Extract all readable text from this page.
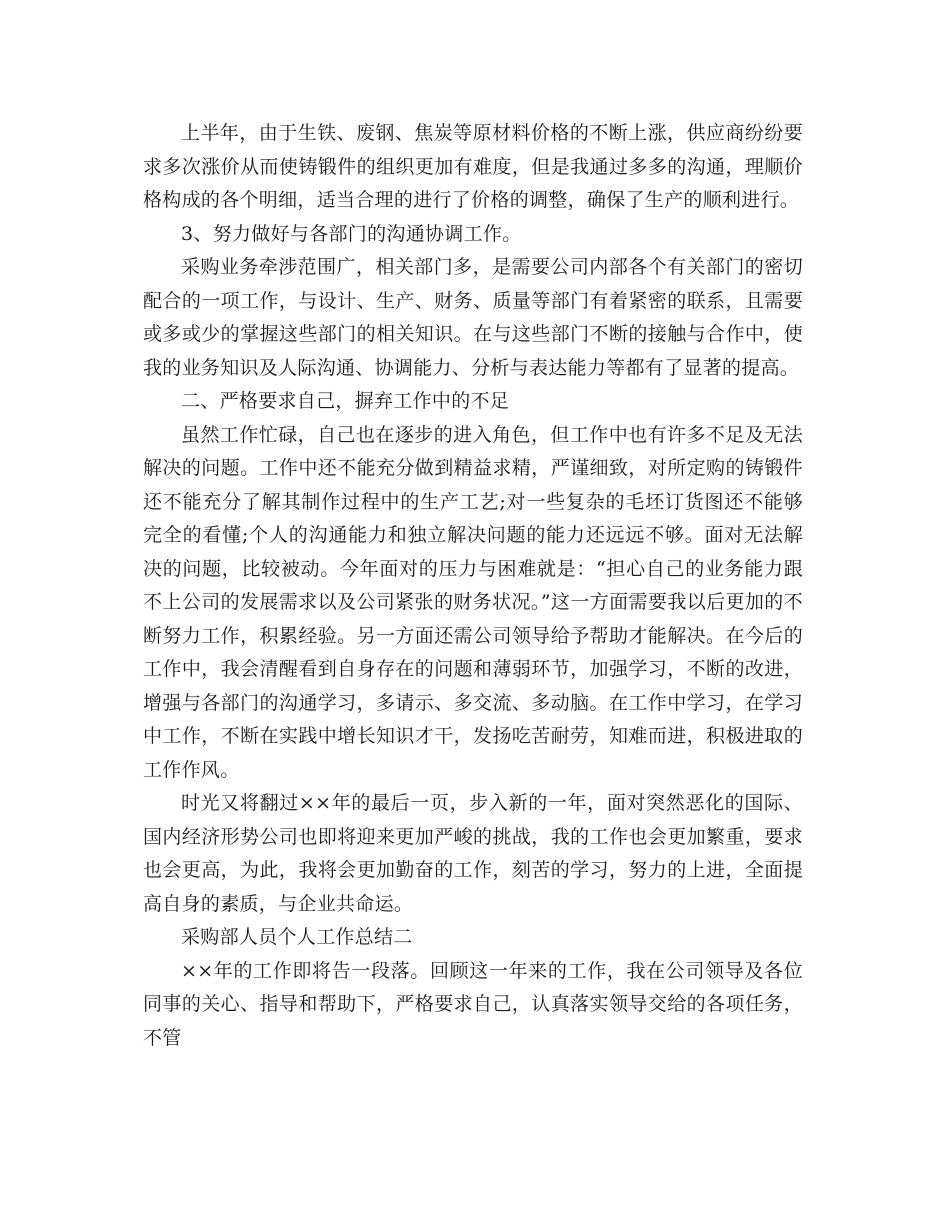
上半年，由于生铁、废钢、焦炭等原材料价格的不断上涨，供应商纷纷要求多次涨价从而使铸锻件的组织更加有难度，但是我通过多多的沟通，理顺价格构成的各个明细，适当合理的进行了价格的调整，确保了生产的顺利进行。

3、努力做好与各部门的沟通协调工作。

采购业务牵涉范围广，相关部门多，是需要公司内部各个有关部门的密切配合的一项工作，与设计、生产、财务、质量等部门有着紧密的联系，且需要或多或少的掌握这些部门的相关知识。在与这些部门不断的接触与合作中，使我的业务知识及人际沟通、协调能力、分析与表达能力等都有了显著的提高。

二、严格要求自己，摒弃工作中的不足

虽然工作忙碌，自己也在逐步的进入角色，但工作中也有许多不足及无法解决的问题。工作中还不能充分做到精益求精，严谨细致，对所定购的铸锻件还不能充分了解其制作过程中的生产工艺;对一些复杂的毛坯订货图还不能够完全的看懂;个人的沟通能力和独立解决问题的能力还远远不够。面对无法解决的问题，比较被动。今年面对的压力与困难就是：“担心自己的业务能力跟不上公司的发展需求以及公司紧张的财务状况。”这一方面需要我以后更加的不断努力工作，积累经验。另一方面还需公司领导给予帮助才能解决。在今后的工作中，我会清醒看到自身存在的问题和薄弱环节，加强学习，不断的改进，增强与各部门的沟通学习，多请示、多交流、多动脑。在工作中学习，在学习中工作，不断在实践中增长知识才干，发扬吃苦耐劳，知难而进，积极进取的工作作风。

时光又将翻过××年的最后一页，步入新的一年，面对突然恶化的国际、国内经济形势公司也即将迎来更加严峻的挑战，我的工作也会更加繁重，要求也会更高，为此，我将会更加勤奋的工作，刻苦的学习，努力的上进，全面提高自身的素质，与企业共命运。

采购部人员个人工作总结二

××年的工作即将告一段落。回顾这一年来的工作，我在公司领导及各位同事的关心、指导和帮助下，严格要求自己，认真落实领导交给的各项任务，不管
